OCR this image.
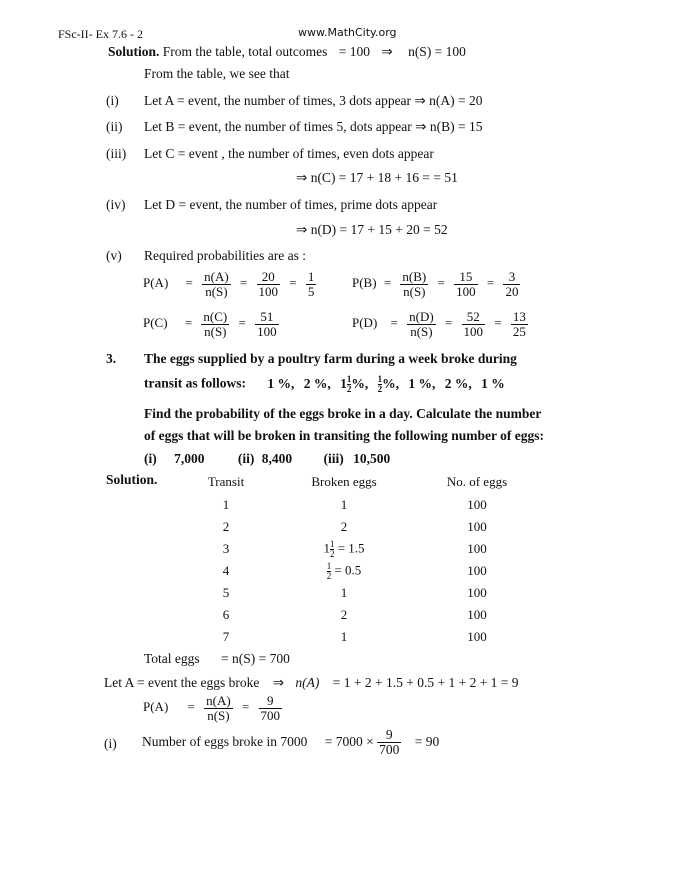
FSc-II- Ex 7.6 - 2	www.MathCity.org
Solution. From the table, total outcomes = 100 ⇒ n(S) = 100
From the table, we see that
(i) Let A = event, the number of times, 3 dots appear ⇒ n(A) = 20
(ii) Let B = event, the number of times 5, dots appear ⇒ n(B) = 15
(iii) Let C = event , the number of times, even dots appear
⇒ n(C) = 17 + 18 + 16 = = 51
(iv) Let D = event, the number of times, prime dots appear
⇒ n(D) = 17 + 15 + 20 = 52
(v) Required probabilities are as :
$P(A) = \frac{n(A)}{n(S)} = \frac{20}{100} = \frac{1}{5}$	$P(B) = \frac{n(B)}{n(S)} = \frac{15}{100} = \frac{3}{20}$
$P(C) = \frac{n(C)}{n(S)} = \frac{51}{100}$	$P(D) = \frac{n(D)}{n(S)} = \frac{52}{100} = \frac{13}{25}$
3. The eggs supplied by a poultry farm during a week broke during
transit as follows: 1 %, 2 %, $1 \frac{1}{2}$ %, $\frac{1}{2}$ %, 1 %, 2 %, 1 %
Find the probability of the eggs broke in a day. Calculate the number
of eggs that will be broken in transiting the following number of eggs:
(i) 7,000 (ii) 8,400 (iii) 10,500
Solution.	Transit	Broken eggs	No. of eggs
1	1	100
2	2	100
3	$1 \frac{1}{2} = 1.5$	100
4	$\frac{1}{2} = 0.5$	100
5	1	100
6	2	100
7	1	100
Total eggs = n(S) = 700
Let A = event the eggs broke ⇒ n(A) = 1 + 2 + 1.5 + 0.5 + 1 + 2 + 1 = 9
$P(A) = \frac{n(A)}{n(S)} = \frac{9}{700}$
(i) Number of eggs broke in $7000 = 7000 \times \frac{9}{700} = 90$
